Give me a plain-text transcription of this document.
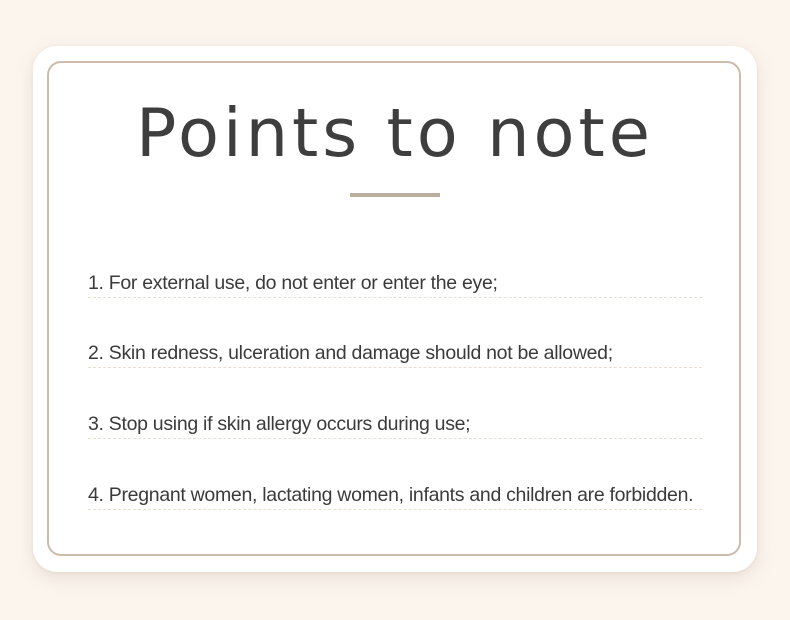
Points to note
1. For external use, do not enter or enter the eye;
2. Skin redness, ulceration and damage should not be allowed;
3. Stop using if skin allergy occurs during use;
4. Pregnant women, lactating women, infants and children are forbidden.
